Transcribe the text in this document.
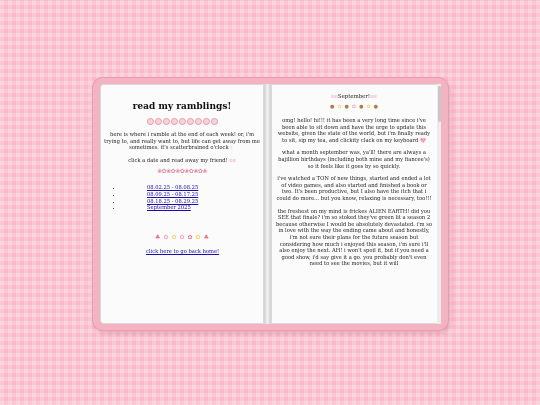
read my ramblings!

here is where i ramble at the end of each week! or, i'm trying to, and really want to, but life can get away from me sometimes. it's scatterbrained o'clock ☾

click a date and read away my friend! ʚɞ

❀✿❀✿❀✿❀✿❀✿❀
• 08.02.25 - 08.08.25
• 08.09.25 - 08.17.25
• 08.18.25 - 08.29.25
• September 2025
♣ ✿ ✿ ✿ ✿ ✿ ♣
• click here to go back home!
ʚɞSeptember!ʚɞ
● ✿ ● ✿ ● ✿ ●

omg! hello! hi!!! it has been a very long time since i've been able to sit down and have the urge to update this website, given the state of the world, but i'm finally ready to sit, sip my tea, and clickity clack on my keyboard

what a month september was, ya'll! there are always a bajillion birthdays (including both mine and my fiancee's) so it feels like it goes by so quickly.

i've watched a TON of new things, started and ended a lot of video games, and also started and finished a book or two. It's been productive, but I also have the itch that i could do more... but you know, relaxing is necessary, too!!!

the freshest on my mind is frickes ALIEN EARTH! did you SEE that finale? i'm so stoked they've green lit a season 2 because otherwise I would be absolutely devastated. i'm so in love with the way the ending came about and honestly, i'm not sure their plans for the future season but considering how much i enjoyed this season, i'm sure i'll also enjoy the next. AH! i won't spoil it, but if you need a good show, i'd say give it a go. you probably don't even need to see the movies, but it will
